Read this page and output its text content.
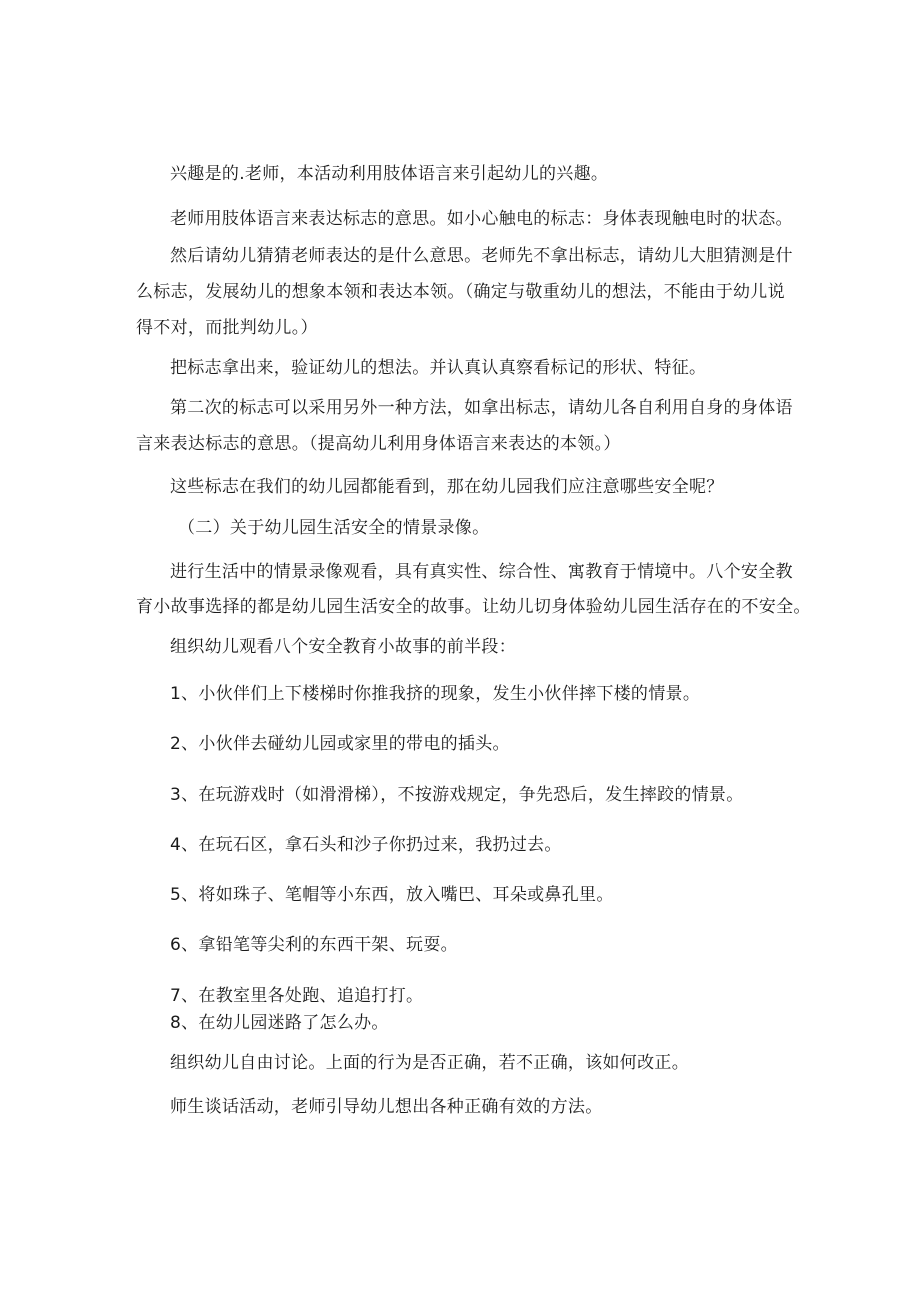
兴趣是的.老师，本活动利用肢体语言来引起幼儿的兴趣。
老师用肢体语言来表达标志的意思。如小心触电的标志：身体表现触电时的状态。
然后请幼儿猜猜老师表达的是什么意思。老师先不拿出标志，请幼儿大胆猜测是什
么标志，发展幼儿的想象本领和表达本领。（确定与敬重幼儿的想法，不能由于幼儿说
得不对，而批判幼儿。）
把标志拿出来，验证幼儿的想法。并认真认真察看标记的形状、特征。
第二次的标志可以采用另外一种方法，如拿出标志，请幼儿各自利用自身的身体语
言来表达标志的意思。（提高幼儿利用身体语言来表达的本领。）
这些标志在我们的幼儿园都能看到，那在幼儿园我们应注意哪些安全呢？
（二）关于幼儿园生活安全的情景录像。
进行生活中的情景录像观看，具有真实性、综合性、寓教育于情境中。八个安全教
育小故事选择的都是幼儿园生活安全的故事。让幼儿切身体验幼儿园生活存在的不安全。
组织幼儿观看八个安全教育小故事的前半段：
1、小伙伴们上下楼梯时你推我挤的现象，发生小伙伴摔下楼的情景。
2、小伙伴去碰幼儿园或家里的带电的插头。
3、在玩游戏时（如滑滑梯），不按游戏规定，争先恐后，发生摔跤的情景。
4、在玩石区，拿石头和沙子你扔过来，我扔过去。
5、将如珠子、笔帽等小东西，放入嘴巴、耳朵或鼻孔里。
6、拿铅笔等尖利的东西干架、玩耍。
7、在教室里各处跑、追追打打。
8、在幼儿园迷路了怎么办。
组织幼儿自由讨论。上面的行为是否正确，若不正确，该如何改正。
师生谈话活动，老师引导幼儿想出各种正确有效的方法。
